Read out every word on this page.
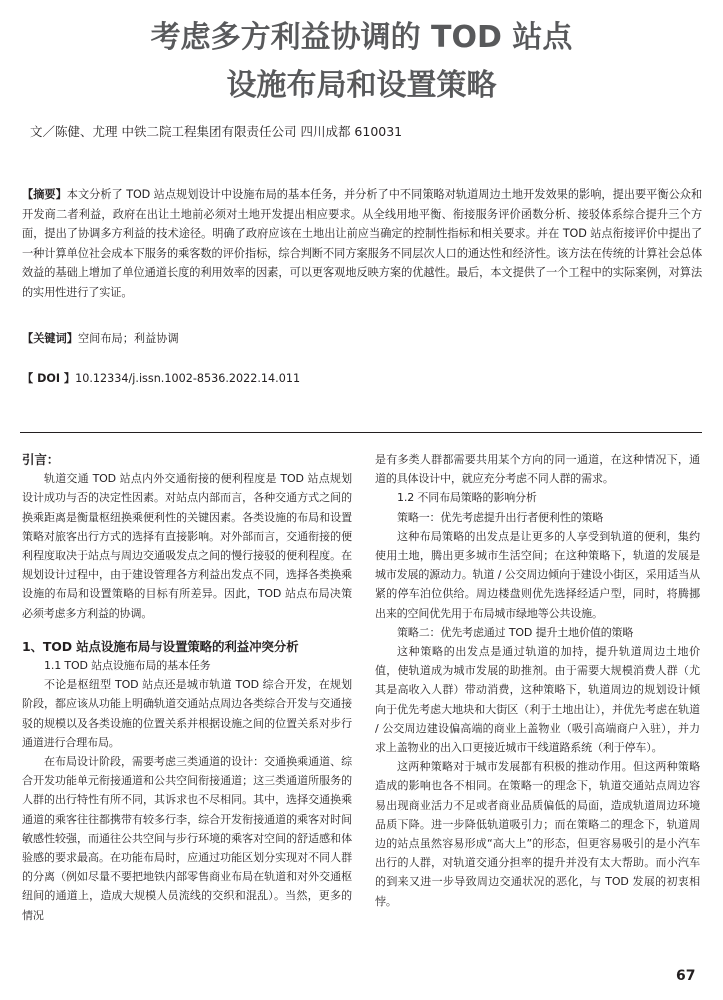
考虑多方利益协调的 TOD 站点
设施布局和设置策略
文／陈健、尤理 中铁二院工程集团有限责任公司 四川成都 610031
【摘要】本文分析了 TOD 站点规划设计中设施布局的基本任务，并分析了中不同策略对轨道周边土地开发效果的影响，提出要平衡公众和开发商二者利益，政府在出让土地前必须对土地开发提出相应要求。从全线用地平衡、衔接服务评价函数分析、接驳体系综合提升三个方面，提出了协调多方利益的技术途径。明确了政府应该在土地出让前应当确定的控制性指标和相关要求。并在 TOD 站点衔接评价中提出了一种计算单位社会成本下服务的乘客数的评价指标，综合判断不同方案服务不同层次人口的通达性和经济性。该方法在传统的计算社会总体效益的基础上增加了单位通道长度的利用效率的因素，可以更客观地反映方案的优越性。最后，本文提供了一个工程中的实际案例，对算法的实用性进行了实证。
【关键词】空间布局；利益协调
【 DOI 】10.12334/j.issn.1002-8536.2022.14.011
引言：

轨道交通 TOD 站点内外交通衔接的便利程度是 TOD 站点规划设计成功与否的决定性因素。对站点内部而言，各种交通方式之间的换乘距离是衡量枢纽换乘便利性的关键因素。各类设施的布局和设置策略对旅客出行方式的选择有直接影响。对外部而言，交通衔接的便利程度取决于站点与周边交通吸发点之间的慢行接驳的便利程度。在规划设计过程中，由于建设管理各方利益出发点不同，选择各类换乘设施的布局和设置策略的目标有所差异。因此，TOD 站点布局决策必须考虑多方利益的协调。

1、TOD 站点设施布局与设置策略的利益冲突分析

1.1 TOD 站点设施布局的基本任务

不论是枢纽型 TOD 站点还是城市轨道 TOD 综合开发，在规划阶段，都应该从功能上明确轨道交通站点周边各类综合开发与交通接驳的规模以及各类设施的位置关系并根据设施之间的位置关系对步行通道进行合理布局。

在布局设计阶段，需要考虑三类通道的设计：交通换乘通道、综合开发功能单元衔接通道和公共空间衔接通道；这三类通道所服务的人群的出行特性有所不同，其诉求也不尽相同。其中，选择交通换乘通道的乘客往往都携带有较多行李，综合开发衔接通道的乘客对时间敏感性较强，而通往公共空间与步行环境的乘客对空间的舒适感和体验感的要求最高。在功能布局时，应通过功能区划分实现对不同人群的分离（例如尽量不要把地铁内部零售商业布局在轨道和对外交通枢纽间的通道上，造成大规模人员流线的交织和混乱）。当然，更多的情况

是有多类人群都需要共用某个方向的同一通道，在这种情况下，通道的具体设计中，就应充分考虑不同人群的需求。

1.2 不同布局策略的影响分析

策略一：优先考虑提升出行者便利性的策略

这种布局策略的出发点是让更多的人享受到轨道的便利，集约使用土地，腾出更多城市生活空间；在这种策略下，轨道的发展是城市发展的源动力。轨道 / 公交周边倾向于建设小街区，采用适当从紧的停车泊位供给。周边楼盘则优先选择经适户型，同时，将腾挪出来的空间优先用于布局城市绿地等公共设施。

策略二：优先考虑通过 TOD 提升土地价值的策略

这种策略的出发点是通过轨道的加持，提升轨道周边土地价值，使轨道成为城市发展的助推剂。由于需要大规模消费人群（尤其是高收入人群）带动消费，这种策略下，轨道周边的规划设计倾向于优先考虑大地块和大街区（利于土地出让），并优先考虑在轨道 / 公交周边建设偏高端的商业上盖物业（吸引高端商户入驻），并力求上盖物业的出入口更接近城市干线道路系统（利于停车）。

这两种策略对于城市发展都有积极的推动作用。但这两种策略造成的影响也各不相同。在策略一的理念下，轨道交通站点周边容易出现商业活力不足或者商业品质偏低的局面，造成轨道周边环境品质下降。进一步降低轨道吸引力；而在策略二的理念下，轨道周边的站点虽然容易形成“高大上”的形态，但更容易吸引的是小汽车出行的人群，对轨道交通分担率的提升并没有太大帮助。而小汽车的到来又进一步导致周边交通状况的恶化，与 TOD 发展的初衷相悖。

67
